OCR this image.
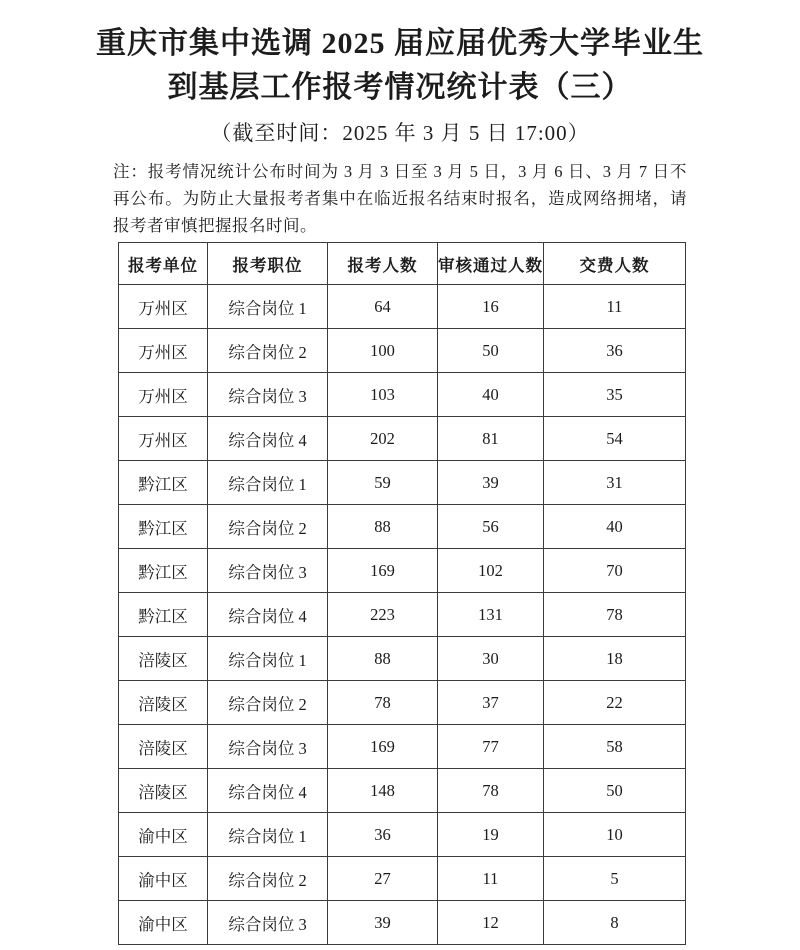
重庆市集中选调 2025 届应届优秀大学毕业生
到基层工作报考情况统计表（三）
（截至时间：2025 年 3 月 5 日 17:00）
注：报考情况统计公布时间为 3 月 3 日至 3 月 5 日，3 月 6 日、3 月 7 日不再公布。为防止大量报考者集中在临近报名结束时报名，造成网络拥堵，请报考者审慎把握报名时间。
报考单位	报考职位	报考人数	审核通过人数	交费人数
万州区	综合岗位 1	64	16	11
万州区	综合岗位 2	100	50	36
万州区	综合岗位 3	103	40	35
万州区	综合岗位 4	202	81	54
黔江区	综合岗位 1	59	39	31
黔江区	综合岗位 2	88	56	40
黔江区	综合岗位 3	169	102	70
黔江区	综合岗位 4	223	131	78
涪陵区	综合岗位 1	88	30	18
涪陵区	综合岗位 2	78	37	22
涪陵区	综合岗位 3	169	77	58
涪陵区	综合岗位 4	148	78	50
渝中区	综合岗位 1	36	19	10
渝中区	综合岗位 2	27	11	5
渝中区	综合岗位 3	39	12	8
